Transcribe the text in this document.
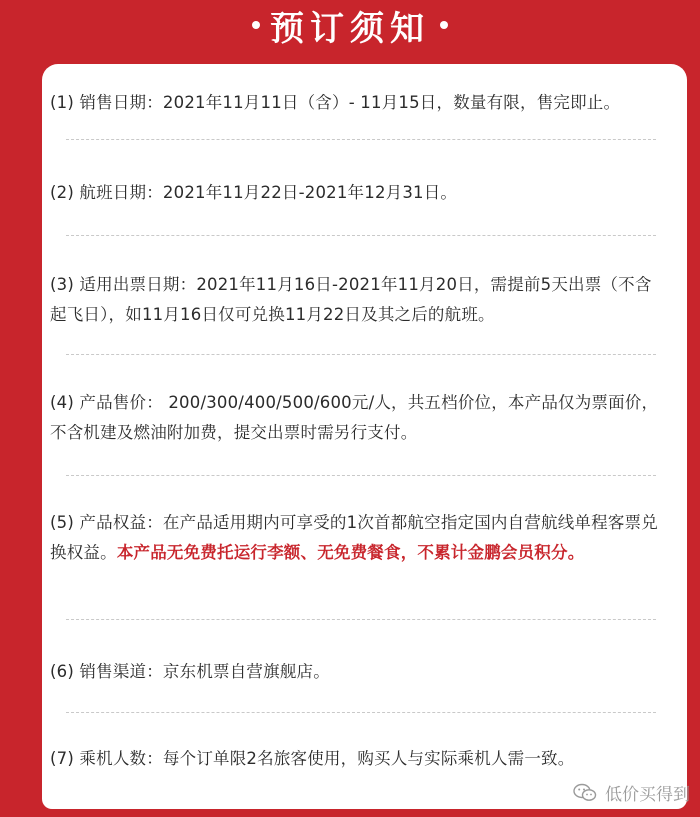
预订须知
(1) 销售日期：2021年11月11日（含）- 11月15日，数量有限，售完即止。
(2) 航班日期：2021年11月22日-2021年12月31日。
(3) 适用出票日期：2021年11月16日-2021年11月20日，需提前5天出票（不含起飞日），如11月16日仅可兑换11月22日及其之后的航班。
(4) 产品售价： 200/300/400/500/600元/人，共五档价位，本产品仅为票面价，不含机建及燃油附加费，提交出票时需另行支付。
(5) 产品权益：在产品适用期内可享受的1次首都航空指定国内自营航线单程客票兑换权益。本产品无免费托运行李额、无免费餐食，不累计金鹏会员积分。
(6) 销售渠道：京东机票自营旗舰店。
(7) 乘机人数：每个订单限2名旅客使用，购买人与实际乘机人需一致。
低价买得到
